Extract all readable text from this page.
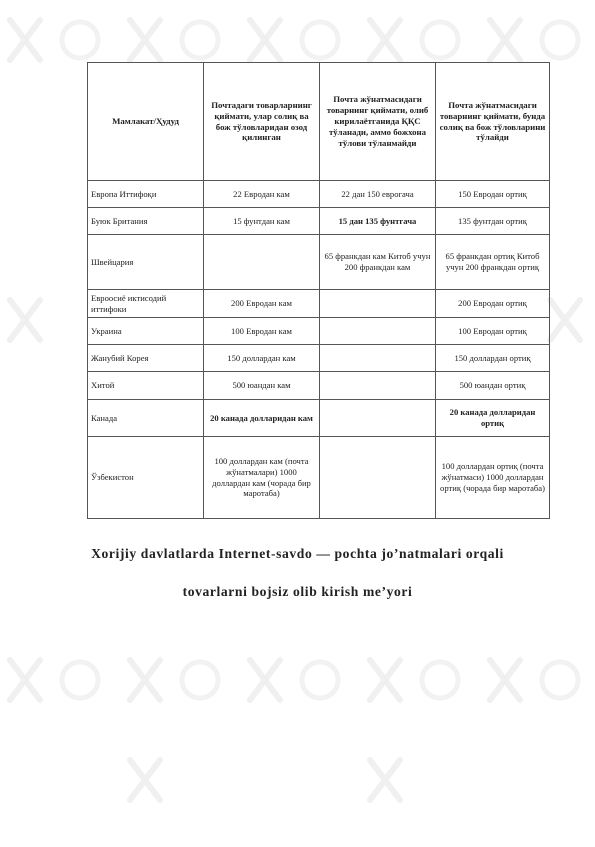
Мамлакат/Ҳудуд	Почтадаги товарларнинг қиймати, улар солиқ ва бож тўловларидан озод қилинган	Почта жўнатмасидаги товарнинг қиймати, олиб кирилаётганида ҚҚС тўланади, аммо божхона тўлови тўланмайди	Почта жўнатмасидаги товарнинг қиймати, бунда солиқ ва бож тўловларини тўлайди
Европа Иттифоқи	22 Евродан кам	22 дан 150 еврогача	150 Евродан ортиқ
Буюк Британия	15 фунтдан кам	15 дан 135 фунтгача	135 фунтдан ортиқ
Швейцария		65 франкдан кам Китоб учун 200 франкдан кам	65 франкдан ортиқ Китоб учун 200 франкдан ортиқ
Евроосиё иктисодий иттифоки	200 Евродан кам		200 Евродан ортиқ
Украина	100 Евродан кам		100 Евродан ортиқ
Жанубий Корея	150 доллардан кам		150 доллардан ортиқ
Хитой	500 юандан кам		500 юандан ортиқ
Канада	20 канада долларидан кам		20 канада долларидан ортиқ
Ўзбекистон	100 доллардан кам (почта жўнатмалари) 1000 доллардан кам (чорада бир маротаба)		100 доллардан ортиқ (почта жўнатмаси) 1000 доллардан ортиқ (чорада бир маротаба)
Xorijiy davlatlarda Internet-savdo — pochta jo’natmalari orqali
tovarlarni bojsiz olib kirish me’yori
